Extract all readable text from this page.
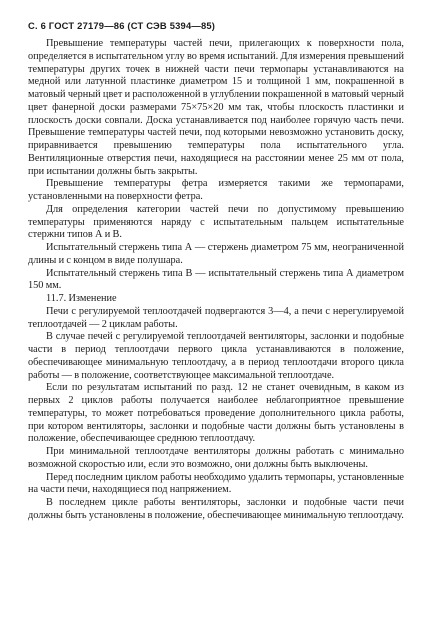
С. 6 ГОСТ 27179—86 (СТ СЭВ 5394—85)

Превышение температуры частей печи, прилегающих к поверхности пола, определяется в испытательном углу во время испытаний. Для измерения превышений температуры других точек в нижней части печи термопары устанавливаются на медной или латунной пластинке диаметром 15 и толщиной 1 мм, покрашенной в матовый черный цвет и расположенной в углублении покрашенной в матовый черный цвет фанерной доски размерами 75×75×20 мм так, чтобы плоскость пластинки и плоскость доски совпали. Доска устанавливается под наиболее горячую часть печи. Превышение температуры частей печи, под которыми невозможно установить доску, приравнивается превышению температуры пола испытательного угла. Вентиляционные отверстия печи, находящиеся на расстоянии менее 25 мм от пола, при испытании должны быть закрыты.

Превышение температуры фетра измеряется такими же термопарами, установленными на поверхности фетра.

Для определения категории частей печи по допустимому превышению температуры применяются наряду с испытательным пальцем испытательные стержни типов А и В.

Испытательный стержень типа А — стержень диаметром 75 мм, неограниченной длины и с концом в виде полушара.

Испытательный стержень типа В — испытательный стержень типа А диаметром 150 мм.

11.7. Изменение

Печи с регулируемой теплоотдачей подвергаются 3—4, а печи с нерегулируемой теплоотдачей — 2 циклам работы.

В случае печей с регулируемой теплоотдачей вентиляторы, заслонки и подобные части в период теплоотдачи первого цикла устанавливаются в положение, обеспечивающее минимальную теплоотдачу, а в период теплоотдачи второго цикла работы — в положение, соответствующее максимальной теплоотдаче.

Если по результатам испытаний по разд. 12 не станет очевидным, в каком из первых 2 циклов работы получается наиболее неблагоприятное превышение температуры, то может потребоваться проведение дополнительного цикла работы, при котором вентиляторы, заслонки и подобные части должны быть установлены в положение, обеспечивающее среднюю теплоотдачу.

При минимальной теплоотдаче вентиляторы должны работать с минимально возможной скоростью или, если это возможно, они должны быть выключены.

Перед последним циклом работы необходимо удалить термопары, установленные на части печи, находящиеся под напряжением.

В последнем цикле работы вентиляторы, заслонки и подобные части печи должны быть установлены в положение, обеспечивающее минимальную теплоотдачу.
